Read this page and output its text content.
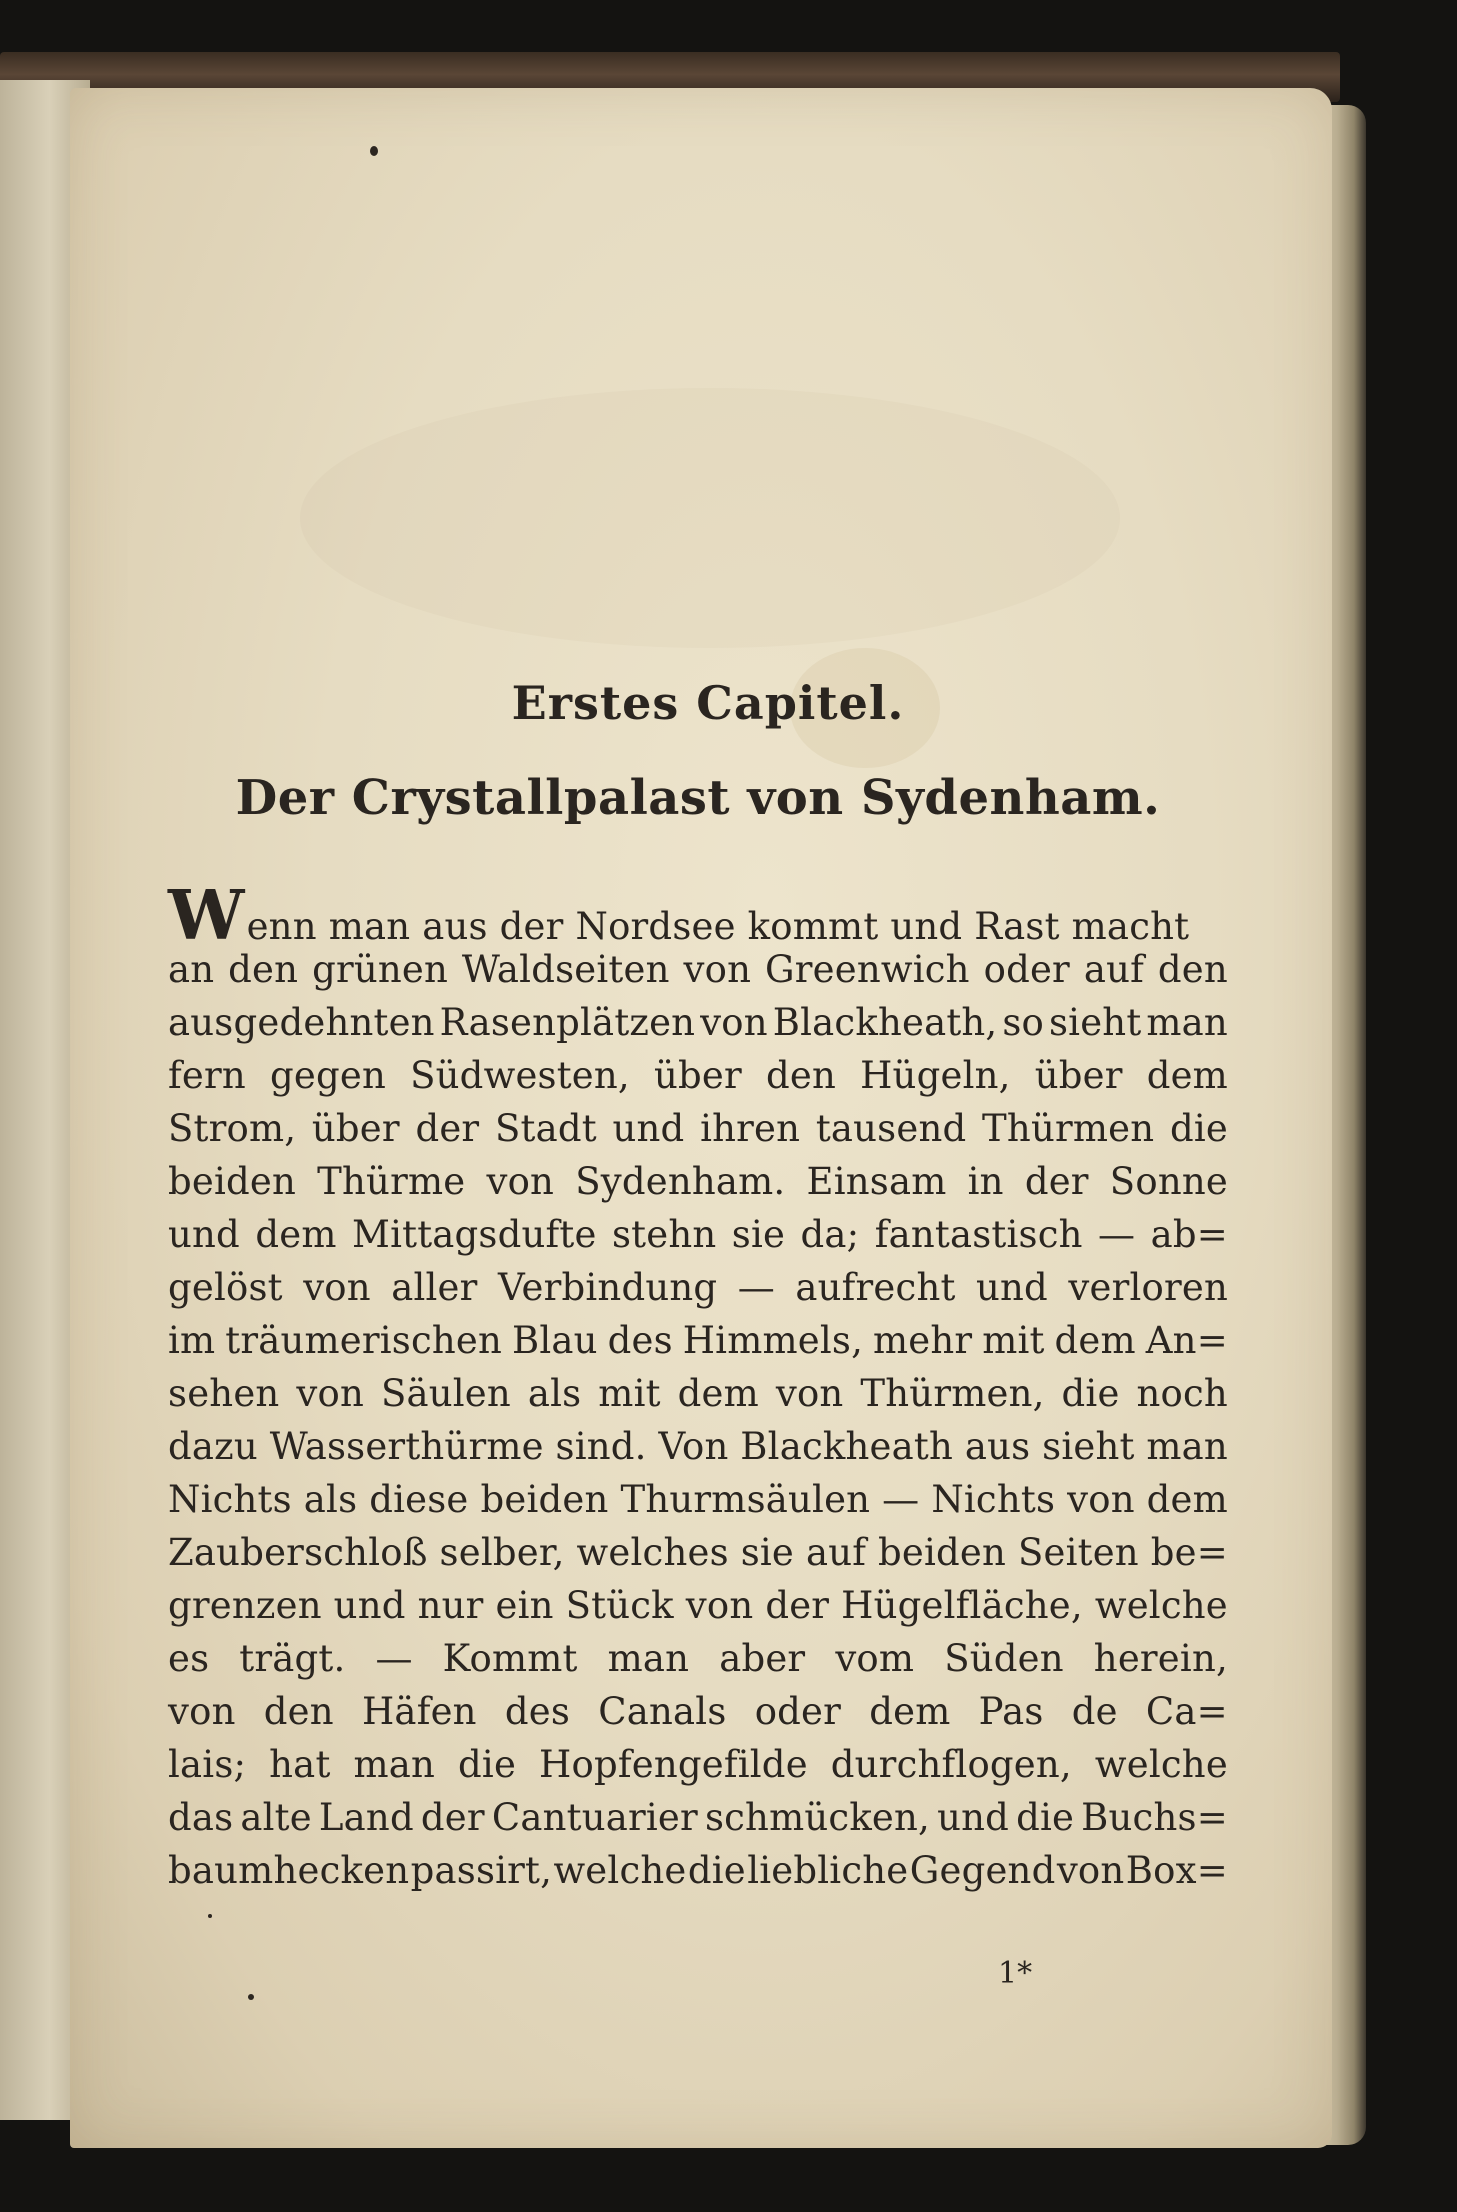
Erstes Capitel.
Der Crystallpalast von Sydenham.
Wenn man aus der Nordsee kommt und Rast macht
an den grünen Waldseiten von Greenwich oder auf den
ausgedehnten Rasenplätzen von Blackheath, so sieht man
fern gegen Südwesten, über den Hügeln, über dem
Strom, über der Stadt und ihren tausend Thürmen die
beiden Thürme von Sydenham. Einsam in der Sonne
und dem Mittagsdufte stehn sie da; fantastisch — ab=
gelöst von aller Verbindung — aufrecht und verloren
im träumerischen Blau des Himmels, mehr mit dem An=
sehen von Säulen als mit dem von Thürmen, die noch
dazu Wasserthürme sind. Von Blackheath aus sieht man
Nichts als diese beiden Thurmsäulen — Nichts von dem
Zauberschloß selber, welches sie auf beiden Seiten be=
grenzen und nur ein Stück von der Hügelfläche, welche
es trägt. — Kommt man aber vom Süden herein,
von den Häfen des Canals oder dem Pas de Ca=
lais; hat man die Hopfengefilde durchflogen, welche
das alte Land der Cantuarier schmücken, und die Buchs=
baumhecken passirt, welche die liebliche Gegend von Box=
1*
